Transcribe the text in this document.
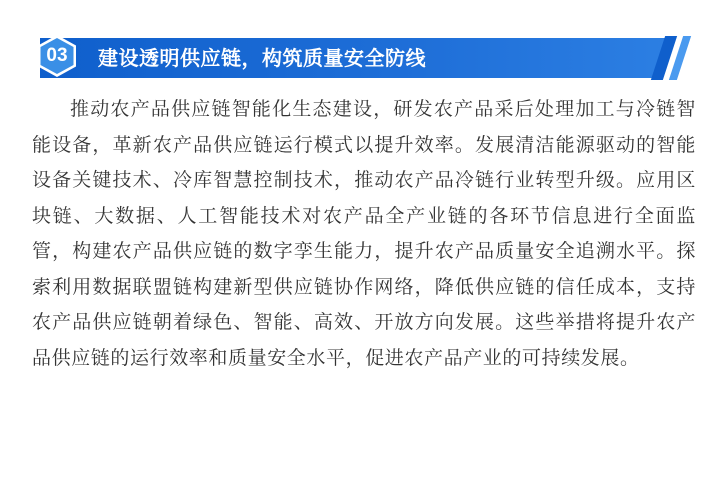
03	建设透明供应链，构筑质量安全防线

推动农产品供应链智能化生态建设，研发农产品采后处理加工与冷链智能设备，革新农产品供应链运行模式以提升效率。发展清洁能源驱动的智能设备关键技术、冷库智慧控制技术，推动农产品冷链行业转型升级。应用区块链、大数据、人工智能技术对农产品全产业链的各环节信息进行全面监管，构建农产品供应链的数字孪生能力，提升农产品质量安全追溯水平。探索利用数据联盟链构建新型供应链协作网络，降低供应链的信任成本，支持农产品供应链朝着绿色、智能、高效、开放方向发展。这些举措将提升农产品供应链的运行效率和质量安全水平，促进农产品产业的可持续发展。
